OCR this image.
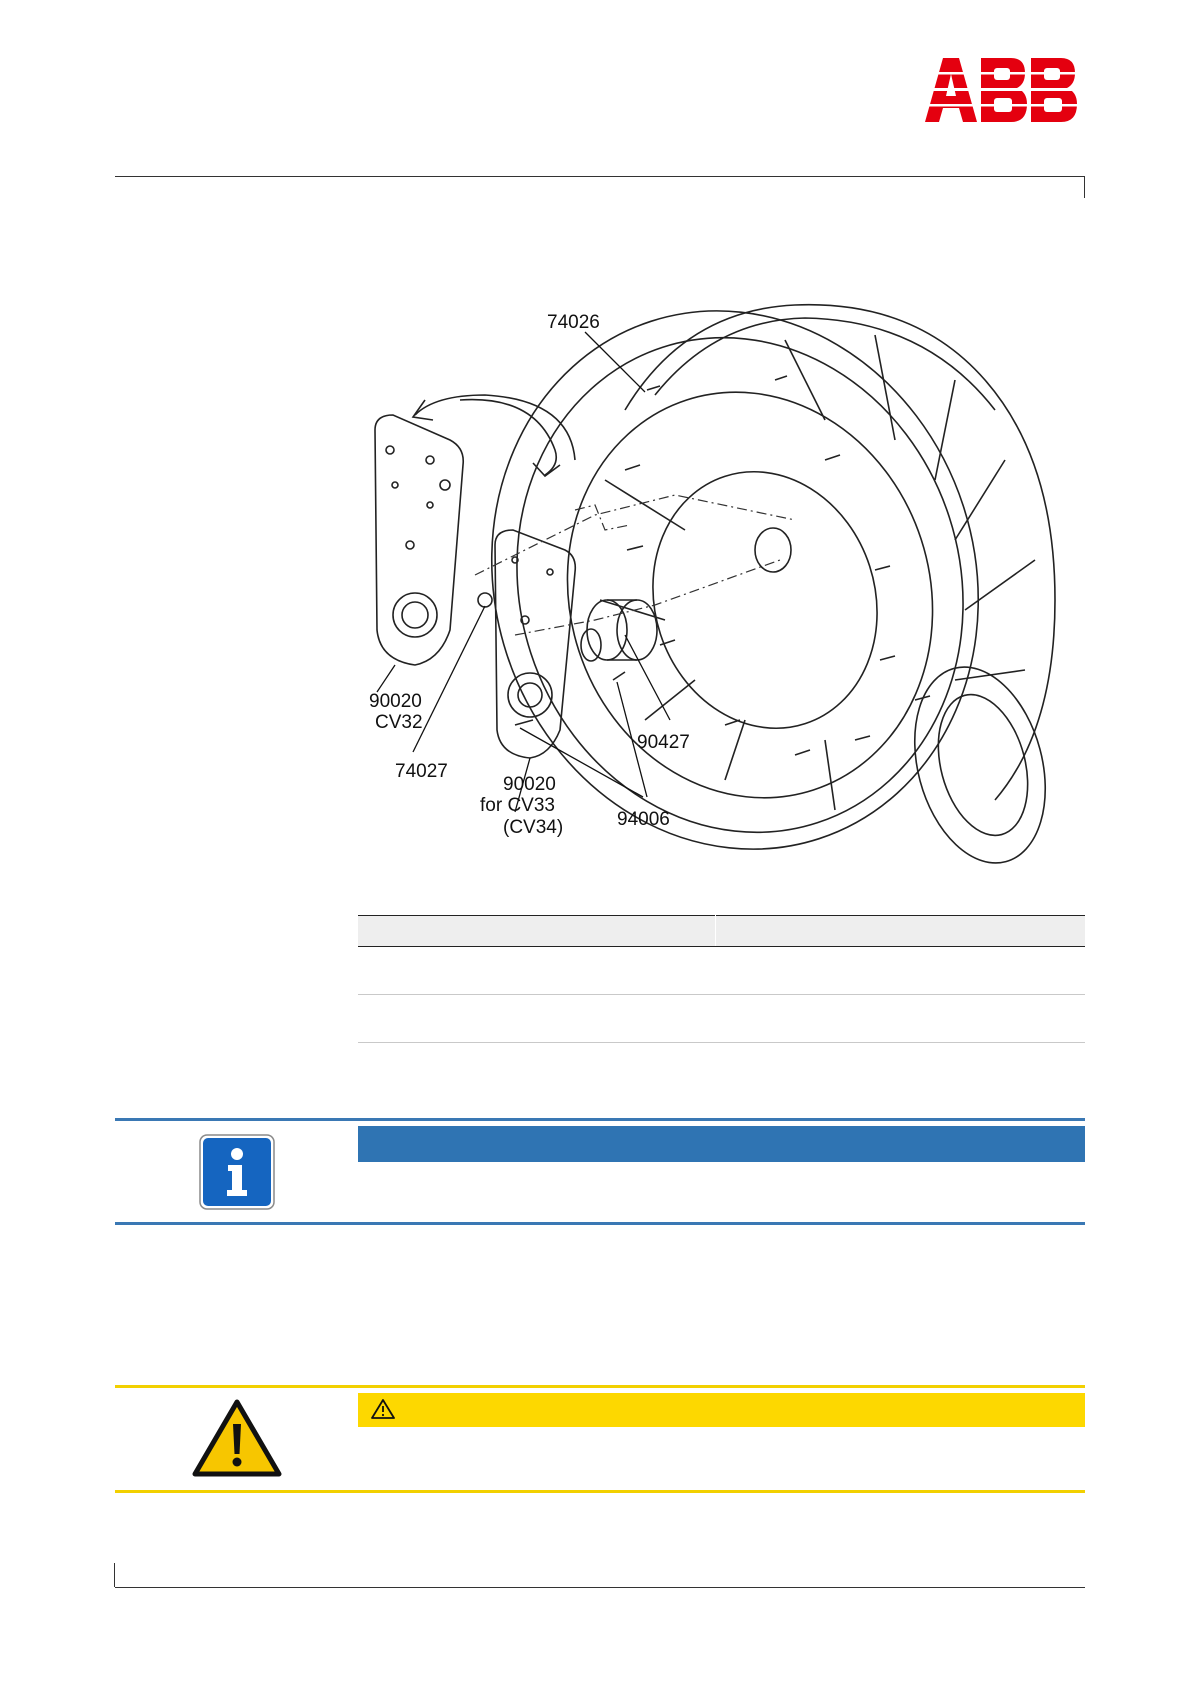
74026
90020
CV32
74027
90020
for CV33
(CV34)
90427
94006
